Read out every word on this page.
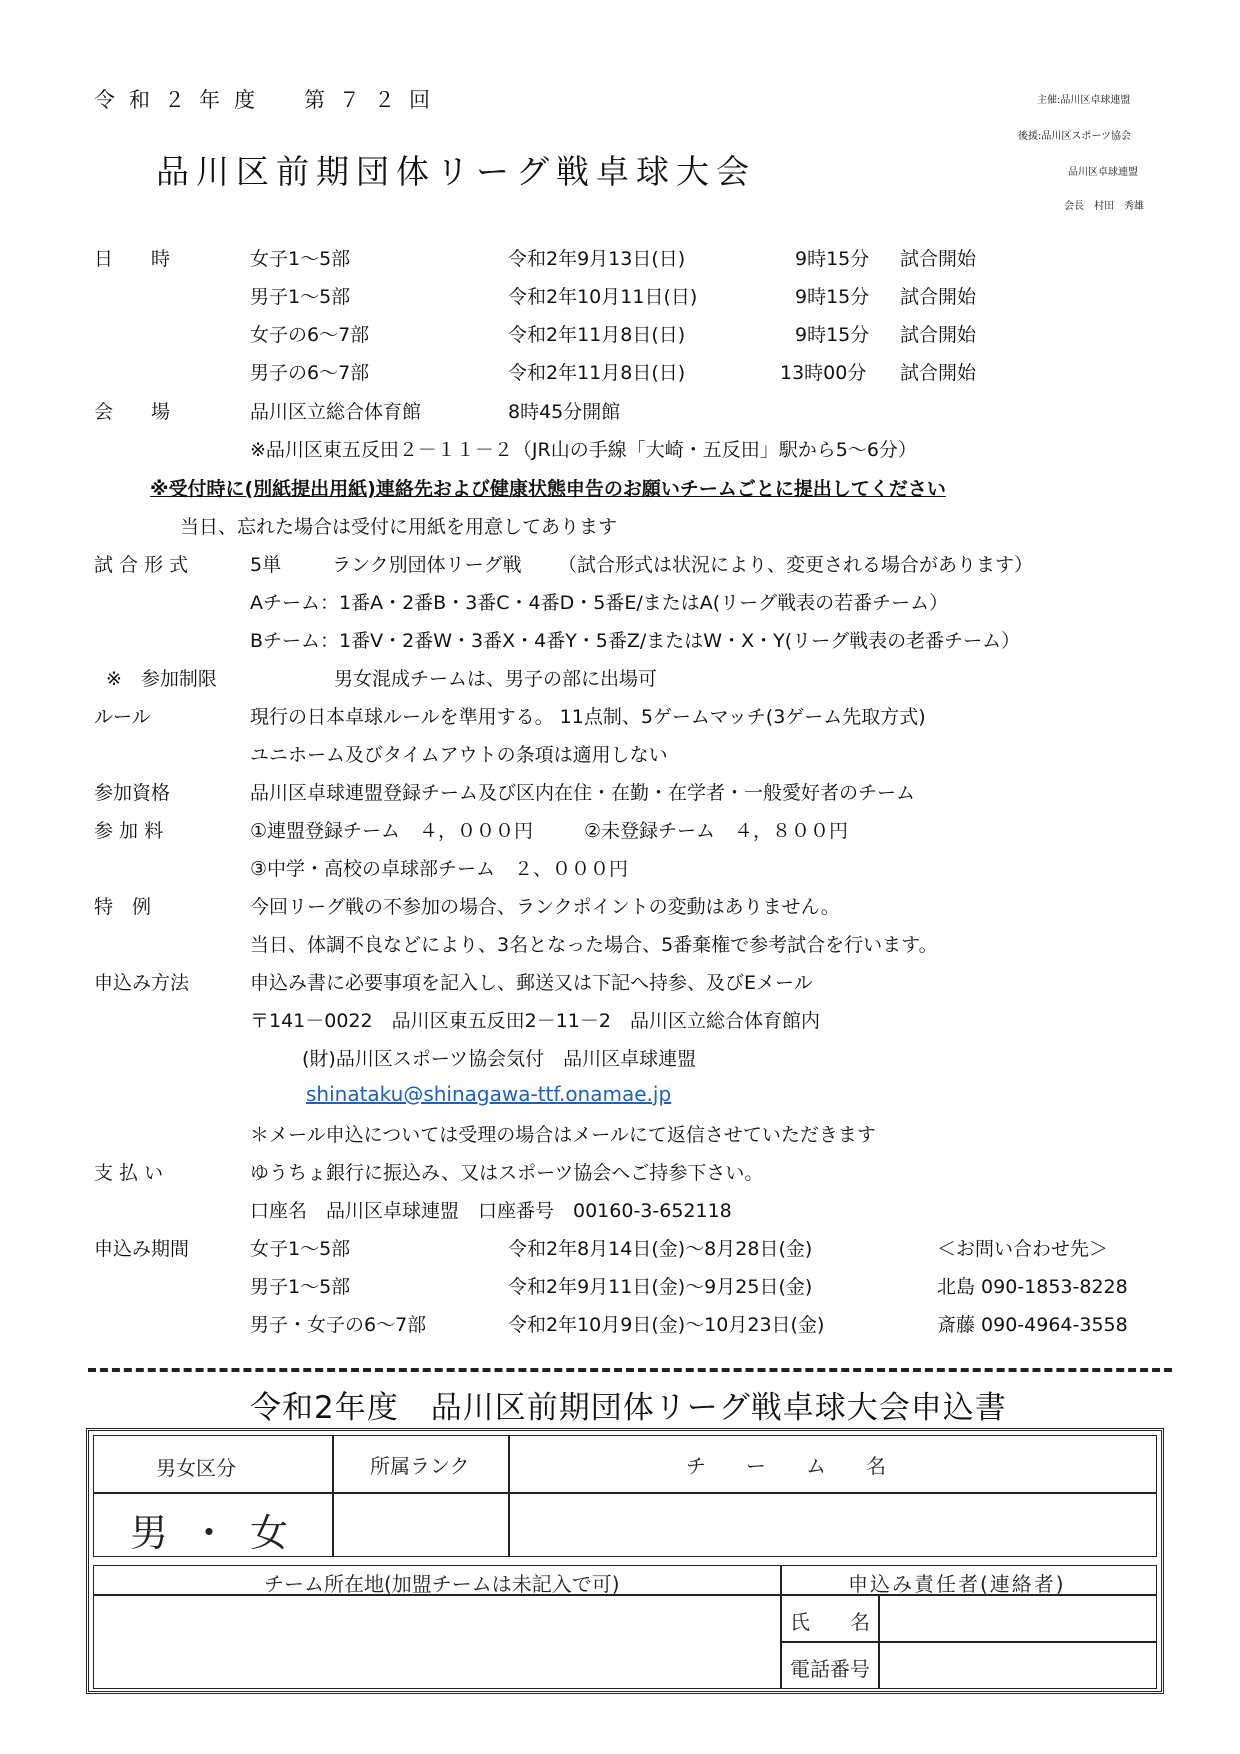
令和２年度　第７２回
品川区前期団体リーグ戦卓球大会
主催:品川区卓球連盟
後援:品川区スポーツ協会
品川区卓球連盟
会長　村田　秀雄
日　　時	女子1～5部	令和2年9月13日(日)	9時15分 試合開始
男子1～5部	令和2年10月11日(日)	9時15分 試合開始
女子の6～7部	令和2年11月8日(日)	9時15分 試合開始
男子の6～7部	令和2年11月8日(日)	13時00分 試合開始
会　　場	品川区立総合体育館	8時45分開館
※品川区東五反田２－１１－２（JR山の手線「大崎・五反田」駅から5～6分）
※受付時に(別紙提出用紙)連絡先および健康状態申告のお願いチームごとに提出してください
当日、忘れた場合は受付に用紙を用意してあります
試 合 形 式	5単	ランク別団体リーグ戦 （試合形式は状況により、変更される場合があります）
Aチーム：1番A・2番B・3番C・4番D・5番E/またはA(リーグ戦表の若番チーム）
Bチーム：1番V・2番W・3番X・4番Y・5番Z/またはW・X・Y(リーグ戦表の老番チーム）
※　参加制限	男女混成チームは、男子の部に出場可
ルール	現行の日本卓球ルールを準用する。 11点制、5ゲームマッチ(3ゲーム先取方式)
ユニホーム及びタイムアウトの条項は適用しない
参加資格	品川区卓球連盟登録チーム及び区内在住・在勤・在学者・一般愛好者のチーム
参 加 料	①連盟登録チーム　４，０００円	②未登録チーム　４，８００円
③中学・高校の卓球部チーム　２、０００円
特　例	今回リーグ戦の不参加の場合、ランクポイントの変動はありません。
当日、体調不良などにより、3名となった場合、5番棄権で参考試合を行います。
申込み方法	申込み書に必要事項を記入し、郵送又は下記へ持参、及びEメール
〒141－0022　品川区東五反田2－11－2　品川区立総合体育館内
(財)品川区スポーツ協会気付　品川区卓球連盟
shinataku@shinagawa-ttf.onamae.jp
＊メール申込については受理の場合はメールにて返信させていただきます
支 払 い	ゆうちょ銀行に振込み、又はスポーツ協会へご持参下さい。
口座名　品川区卓球連盟　口座番号　00160-3-652118
申込み期間	女子1～5部	令和2年8月14日(金)～8月28日(金)	＜お問い合わせ先＞
男子1～5部	令和2年9月11日(金)～9月25日(金)	北島 090-1853-8228
男子・女子の6～7部	令和2年10月9日(金)～10月23日(金)	斎藤 090-4964-3558
令和2年度　品川区前期団体リーグ戦卓球大会申込書
男女区分	所属ランク	チ　　ー　　ム　　名
男・女
チーム所在地(加盟チームは未記入で可)	申込み責任者(連絡者)
氏　　名
電話番号
